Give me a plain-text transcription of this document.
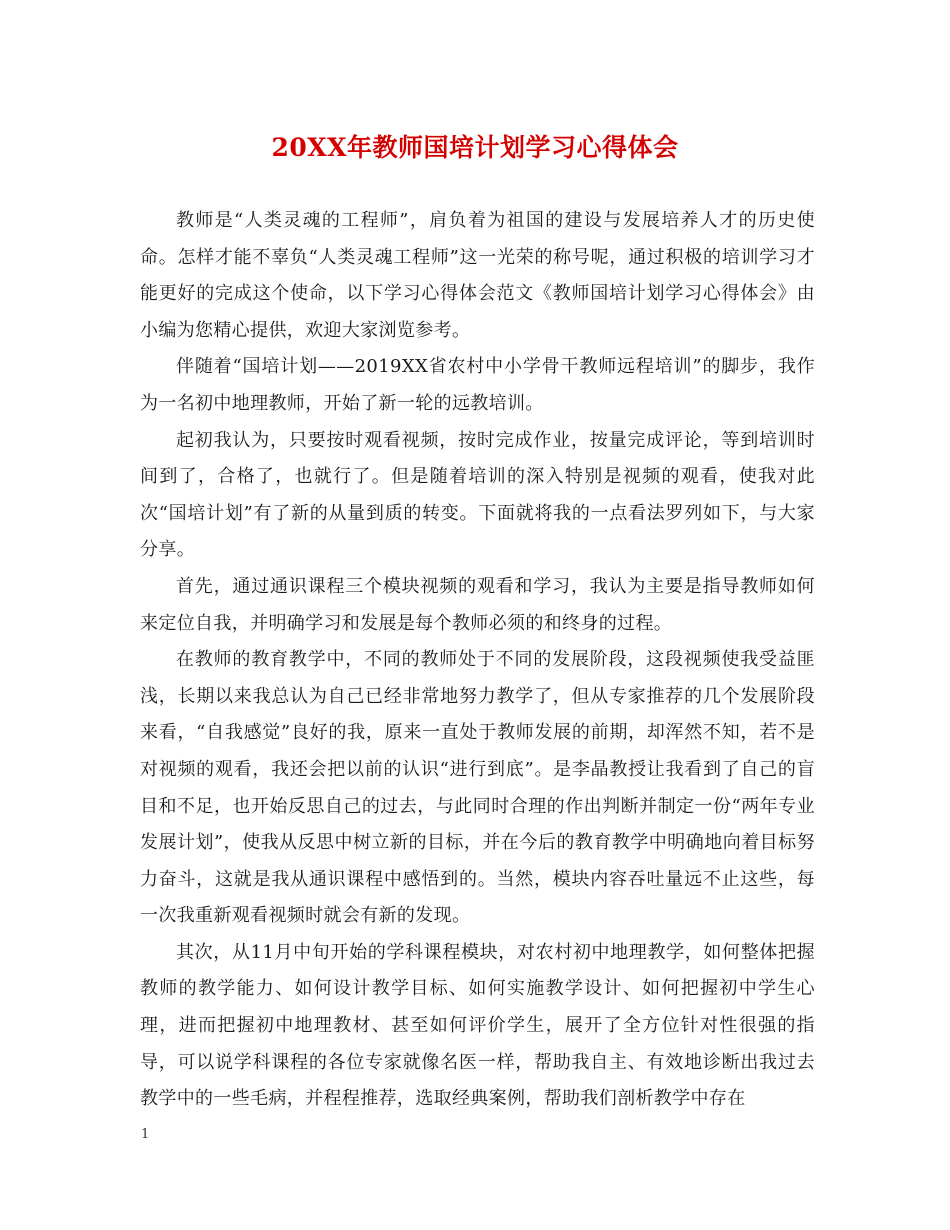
20XX年教师国培计划学习心得体会

教师是“人类灵魂的工程师”，肩负着为祖国的建设与发展培养人才的历史使命。怎样才能不辜负“人类灵魂工程师”这一光荣的称号呢，通过积极的培训学习才能更好的完成这个使命，以下学习心得体会范文《教师国培计划学习心得体会》由小编为您精心提供，欢迎大家浏览参考。

伴随着“国培计划——2019XX省农村中小学骨干教师远程培训”的脚步，我作为一名初中地理教师，开始了新一轮的远教培训。

起初我认为，只要按时观看视频，按时完成作业，按量完成评论，等到培训时间到了，合格了，也就行了。但是随着培训的深入特别是视频的观看，使我对此次“国培计划”有了新的从量到质的转变。下面就将我的一点看法罗列如下，与大家分享。

首先，通过通识课程三个模块视频的观看和学习，我认为主要是指导教师如何来定位自我，并明确学习和发展是每个教师必须的和终身的过程。

在教师的教育教学中，不同的教师处于不同的发展阶段，这段视频使我受益匪浅，长期以来我总认为自己已经非常地努力教学了，但从专家推荐的几个发展阶段来看，“自我感觉”良好的我，原来一直处于教师发展的前期，却浑然不知，若不是对视频的观看，我还会把以前的认识“进行到底”。是李晶教授让我看到了自己的盲目和不足，也开始反思自己的过去，与此同时合理的作出判断并制定一份“两年专业发展计划”，使我从反思中树立新的目标，并在今后的教育教学中明确地向着目标努力奋斗，这就是我从通识课程中感悟到的。当然，模块内容吞吐量远不止这些，每一次我重新观看视频时就会有新的发现。

其次，从11月中旬开始的学科课程模块，对农村初中地理教学，如何整体把握教师的教学能力、如何设计教学目标、如何实施教学设计、如何把握初中学生心理，进而把握初中地理教材、甚至如何评价学生，展开了全方位针对性很强的指导，可以说学科课程的各位专家就像名医一样，帮助我自主、有效地诊断出我过去教学中的一些毛病，并程程推荐，选取经典案例，帮助我们剖析教学中存在

1
